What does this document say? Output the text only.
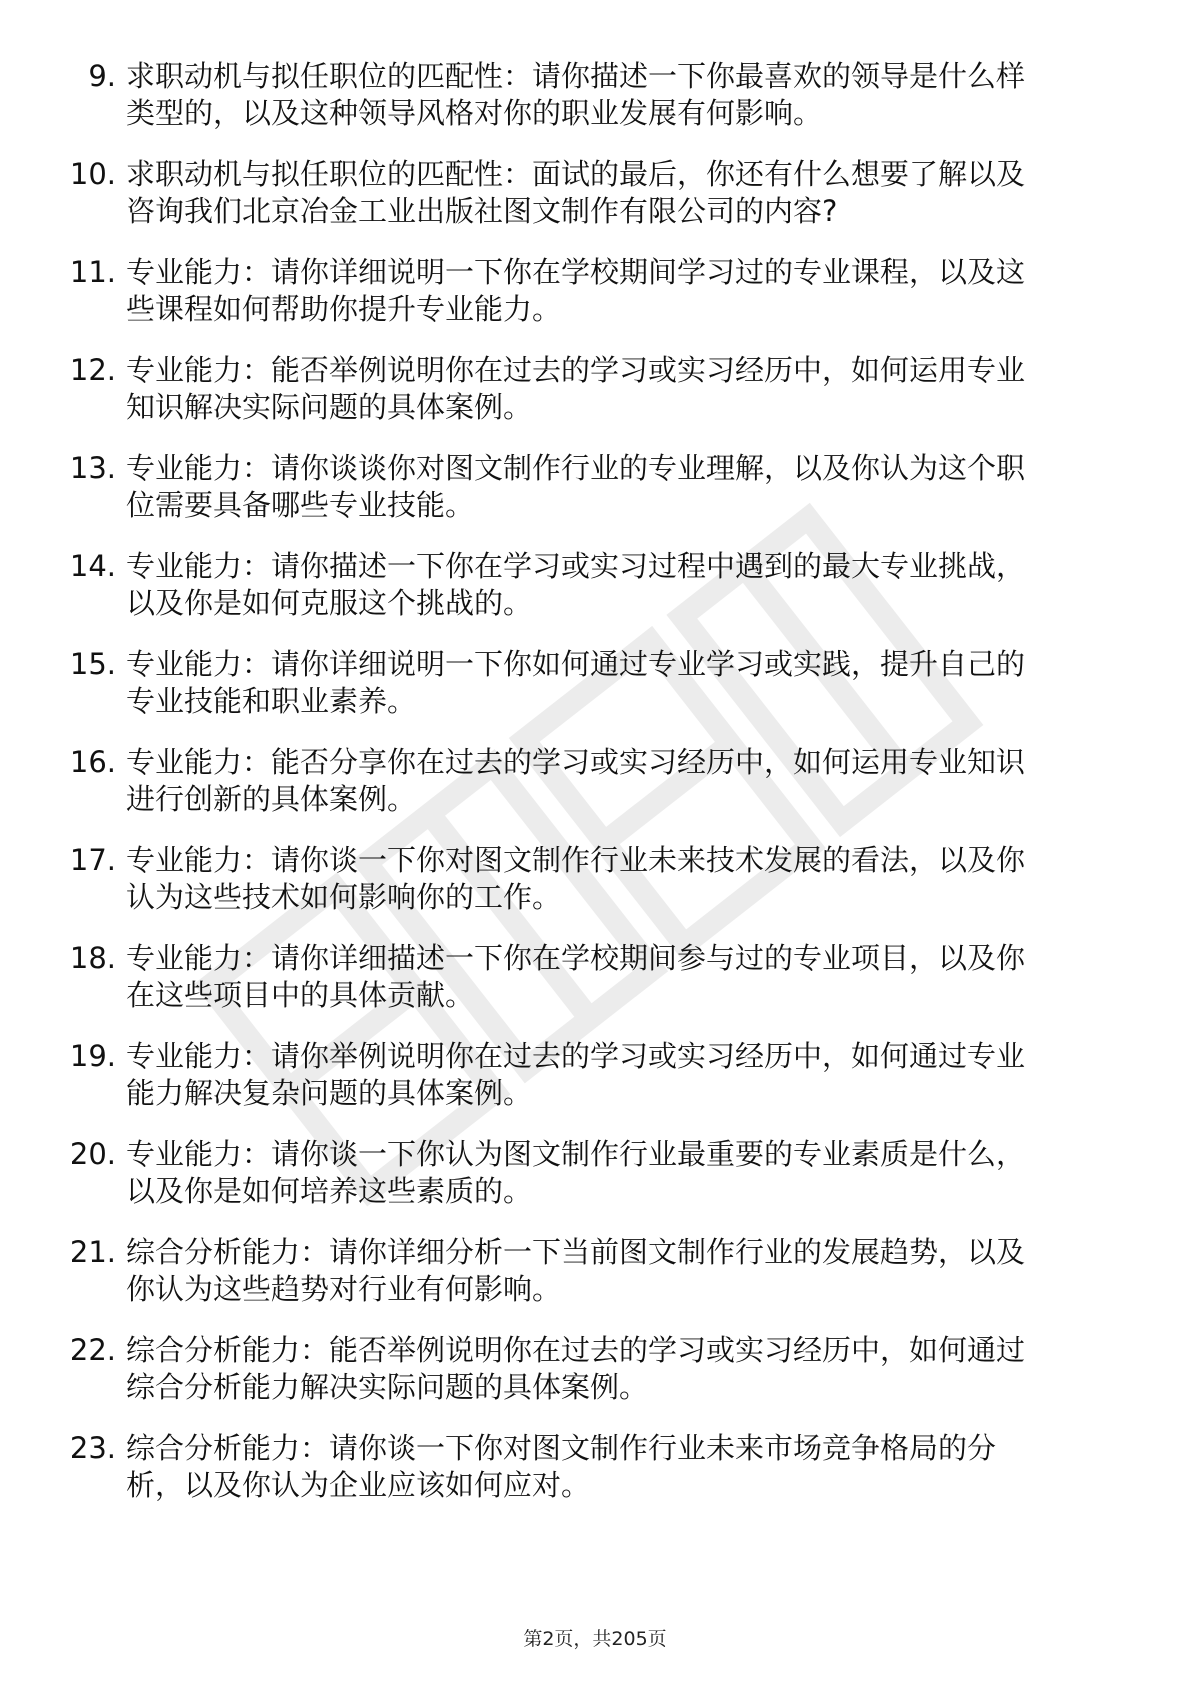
9. 求职动机与拟任职位的匹配性：请你描述一下你最喜欢的领导是什么样类型的，以及这种领导风格对你的职业发展有何影响。
10. 求职动机与拟任职位的匹配性：面试的最后，你还有什么想要了解以及咨询我们北京冶金工业出版社图文制作有限公司的内容?
11. 专业能力：请你详细说明一下你在学校期间学习过的专业课程，以及这些课程如何帮助你提升专业能力。
12. 专业能力：能否举例说明你在过去的学习或实习经历中，如何运用专业知识解决实际问题的具体案例。
13. 专业能力：请你谈谈你对图文制作行业的专业理解，以及你认为这个职位需要具备哪些专业技能。
14. 专业能力：请你描述一下你在学习或实习过程中遇到的最大专业挑战，以及你是如何克服这个挑战的。
15. 专业能力：请你详细说明一下你如何通过专业学习或实践，提升自己的专业技能和职业素养。
16. 专业能力：能否分享你在过去的学习或实习经历中，如何运用专业知识进行创新的具体案例。
17. 专业能力：请你谈一下你对图文制作行业未来技术发展的看法，以及你认为这些技术如何影响你的工作。
18. 专业能力：请你详细描述一下你在学校期间参与过的专业项目，以及你在这些项目中的具体贡献。
19. 专业能力：请你举例说明你在过去的学习或实习经历中，如何通过专业能力解决复杂问题的具体案例。
20. 专业能力：请你谈一下你认为图文制作行业最重要的专业素质是什么，以及你是如何培养这些素质的。
21. 综合分析能力：请你详细分析一下当前图文制作行业的发展趋势，以及你认为这些趋势对行业有何影响。
22. 综合分析能力：能否举例说明你在过去的学习或实习经历中，如何通过综合分析能力解决实际问题的具体案例。
23. 综合分析能力：请你谈一下你对图文制作行业未来市场竞争格局的分析，以及你认为企业应该如何应对。
第2页，共205页
